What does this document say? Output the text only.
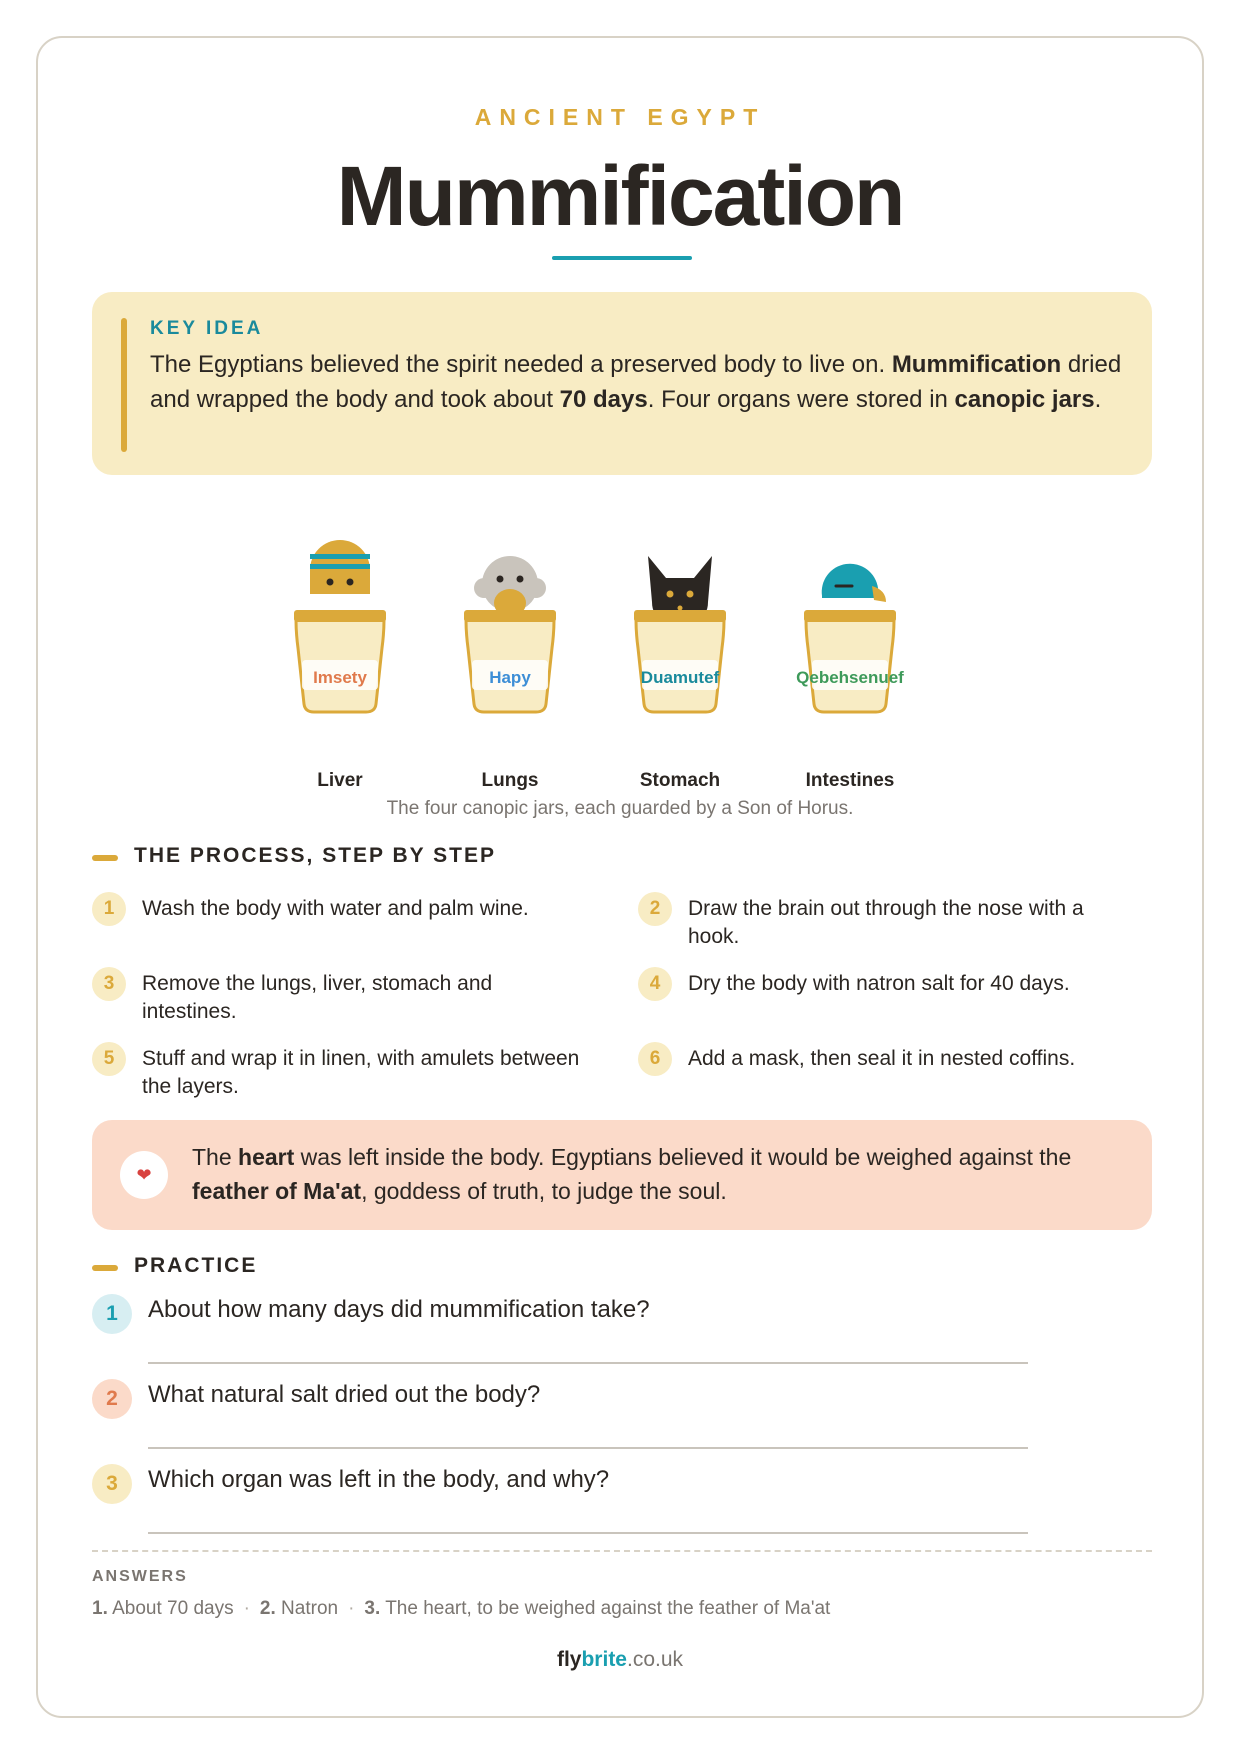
ANCIENT EGYPT
Mummification
KEY IDEA
The Egyptians believed the spirit needed a preserved body to live on. Mummification dried and wrapped the body and took about 70 days. Four organs were stored in canopic jars.
Imsety
Liver
Hapy
Lungs
Duamutef
Stomach
Qebehsenuef
Intestines
The four canopic jars, each guarded by a Son of Horus.
THE PROCESS, STEP BY STEP
1	Wash the body with water and palm wine.	2	Draw the brain out through the nose with a hook.
3	Remove the lungs, liver, stomach and intestines.
4	Dry the body with natron salt for 40 days.
5	Stuff and wrap it in linen, with amulets between the layers.
6	Add a mask, then seal it in nested coffins.
❤
The heart was left inside the body. Egyptians believed it would be weighed against the feather of Ma'at, goddess of truth, to judge the soul.
PRACTICE
1	About how many days did mummification take?
2	What natural salt dried out the body?
3	Which organ was left in the body, and why?
ANSWERS
1. About 70 days · 2. Natron · 3. The heart, to be weighed against the feather of Ma'at
flybrite.co.uk
